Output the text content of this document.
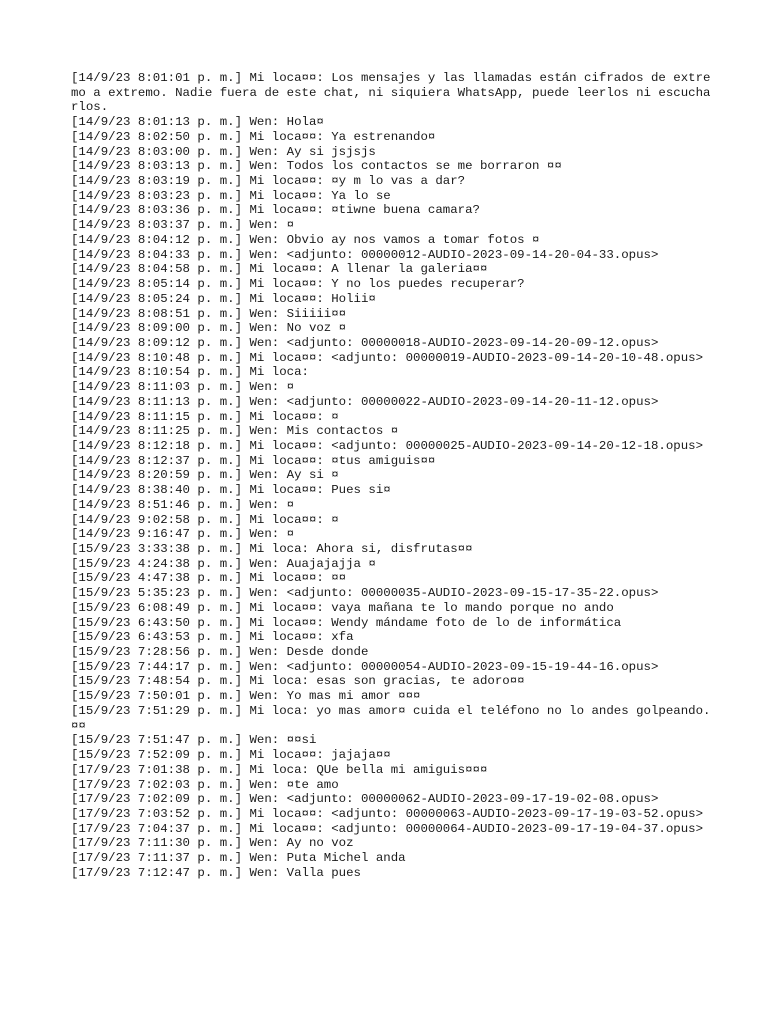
[14/9/23 8:01:01 p. m.] Mi loca¤¤: Los mensajes y las llamadas están cifrados de extremo a extremo. Nadie fuera de este chat, ni siquiera WhatsApp, puede leerlos ni escucharlos.
[14/9/23 8:01:13 p. m.] Wen: Hola¤
[14/9/23 8:02:50 p. m.] Mi loca¤¤: Ya estrenando¤
[14/9/23 8:03:00 p. m.] Wen: Ay si jsjsjs
[14/9/23 8:03:13 p. m.] Wen: Todos los contactos se me borraron ¤¤
[14/9/23 8:03:19 p. m.] Mi loca¤¤: ¤y m lo vas a dar?
[14/9/23 8:03:23 p. m.] Mi loca¤¤: Ya lo se
[14/9/23 8:03:36 p. m.] Mi loca¤¤: ¤tiwne buena camara?
[14/9/23 8:03:37 p. m.] Wen: ¤
[14/9/23 8:04:12 p. m.] Wen: Obvio ay nos vamos a tomar fotos ¤
[14/9/23 8:04:33 p. m.] Wen: <adjunto: 00000012-AUDIO-2023-09-14-20-04-33.opus>
[14/9/23 8:04:58 p. m.] Mi loca¤¤: A llenar la galeria¤¤
[14/9/23 8:05:14 p. m.] Mi loca¤¤: Y no los puedes recuperar?
[14/9/23 8:05:24 p. m.] Mi loca¤¤: Holii¤
[14/9/23 8:08:51 p. m.] Wen: Siiiii¤¤
[14/9/23 8:09:00 p. m.] Wen: No voz ¤
[14/9/23 8:09:12 p. m.] Wen: <adjunto: 00000018-AUDIO-2023-09-14-20-09-12.opus>
[14/9/23 8:10:48 p. m.] Mi loca¤¤: <adjunto: 00000019-AUDIO-2023-09-14-20-10-48.opus>
[14/9/23 8:10:54 p. m.] Mi loca:
[14/9/23 8:11:03 p. m.] Wen: ¤
[14/9/23 8:11:13 p. m.] Wen: <adjunto: 00000022-AUDIO-2023-09-14-20-11-12.opus>
[14/9/23 8:11:15 p. m.] Mi loca¤¤: ¤
[14/9/23 8:11:25 p. m.] Wen: Mis contactos ¤
[14/9/23 8:12:18 p. m.] Mi loca¤¤: <adjunto: 00000025-AUDIO-2023-09-14-20-12-18.opus>
[14/9/23 8:12:37 p. m.] Mi loca¤¤: ¤tus amiguis¤¤
[14/9/23 8:20:59 p. m.] Wen: Ay si ¤
[14/9/23 8:38:40 p. m.] Mi loca¤¤: Pues si¤
[14/9/23 8:51:46 p. m.] Wen: ¤
[14/9/23 9:02:58 p. m.] Mi loca¤¤: ¤
[14/9/23 9:16:47 p. m.] Wen: ¤
[15/9/23 3:33:38 p. m.] Mi loca: Ahora si, disfrutas¤¤
[15/9/23 4:24:38 p. m.] Wen: Auajajajja ¤
[15/9/23 4:47:38 p. m.] Mi loca¤¤: ¤¤
[15/9/23 5:35:23 p. m.] Wen: <adjunto: 00000035-AUDIO-2023-09-15-17-35-22.opus>
[15/9/23 6:08:49 p. m.] Mi loca¤¤: vaya mañana te lo mando porque no ando
[15/9/23 6:43:50 p. m.] Mi loca¤¤: Wendy mándame foto de lo de informática
[15/9/23 6:43:53 p. m.] Mi loca¤¤: xfa
[15/9/23 7:28:56 p. m.] Wen: Desde donde
[15/9/23 7:44:17 p. m.] Wen: <adjunto: 00000054-AUDIO-2023-09-15-19-44-16.opus>
[15/9/23 7:48:54 p. m.] Mi loca: esas son gracias, te adoro¤¤
[15/9/23 7:50:01 p. m.] Wen: Yo mas mi amor ¤¤¤
[15/9/23 7:51:29 p. m.] Mi loca: yo mas amor¤ cuida el teléfono no lo andes golpeando.¤¤
[15/9/23 7:51:47 p. m.] Wen: ¤¤si
[15/9/23 7:52:09 p. m.] Mi loca¤¤: jajaja¤¤
[17/9/23 7:01:38 p. m.] Mi loca: QUe bella mi amiguis¤¤¤
[17/9/23 7:02:03 p. m.] Wen: ¤te amo
[17/9/23 7:02:09 p. m.] Wen: <adjunto: 00000062-AUDIO-2023-09-17-19-02-08.opus>
[17/9/23 7:03:52 p. m.] Mi loca¤¤: <adjunto: 00000063-AUDIO-2023-09-17-19-03-52.opus>
[17/9/23 7:04:37 p. m.] Mi loca¤¤: <adjunto: 00000064-AUDIO-2023-09-17-19-04-37.opus>
[17/9/23 7:11:30 p. m.] Wen: Ay no voz
[17/9/23 7:11:37 p. m.] Wen: Puta Michel anda
[17/9/23 7:12:47 p. m.] Wen: Valla pues
